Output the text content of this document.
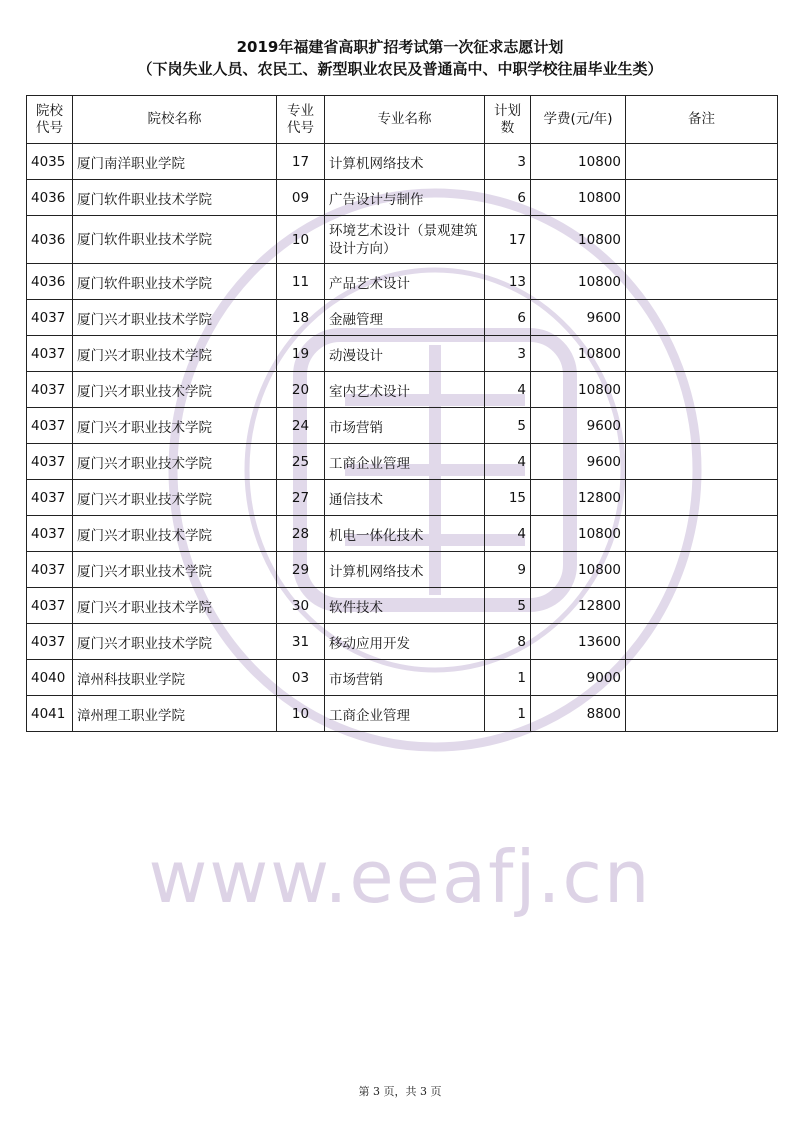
www.eeafj.cn
2019年福建省高职扩招考试第一次征求志愿计划
（下岗失业人员、农民工、新型职业农民及普通高中、中职学校往届毕业生类）
院校代号	院校名称	专业代号	专业名称	计划数	学费(元/年)	备注
4035	厦门南洋职业学院	17	计算机网络技术	3	10800	
4036	厦门软件职业技术学院	09	广告设计与制作	6	10800	
4036	厦门软件职业技术学院	10	环境艺术设计（景观建筑设计方向）	17	10800	
4036	厦门软件职业技术学院	11	产品艺术设计	13	10800	
4037	厦门兴才职业技术学院	18	金融管理	6	9600	
4037	厦门兴才职业技术学院	19	动漫设计	3	10800	
4037	厦门兴才职业技术学院	20	室内艺术设计	4	10800	
4037	厦门兴才职业技术学院	24	市场营销	5	9600	
4037	厦门兴才职业技术学院	25	工商企业管理	4	9600	
4037	厦门兴才职业技术学院	27	通信技术	15	12800	
4037	厦门兴才职业技术学院	28	机电一体化技术	4	10800	
4037	厦门兴才职业技术学院	29	计算机网络技术	9	10800	
4037	厦门兴才职业技术学院	30	软件技术	5	12800	
4037	厦门兴才职业技术学院	31	移动应用开发	8	13600	
4040	漳州科技职业学院	03	市场营销	1	9000	
4041	漳州理工职业学院	10	工商企业管理	1	8800	
第 3 页，共 3 页
